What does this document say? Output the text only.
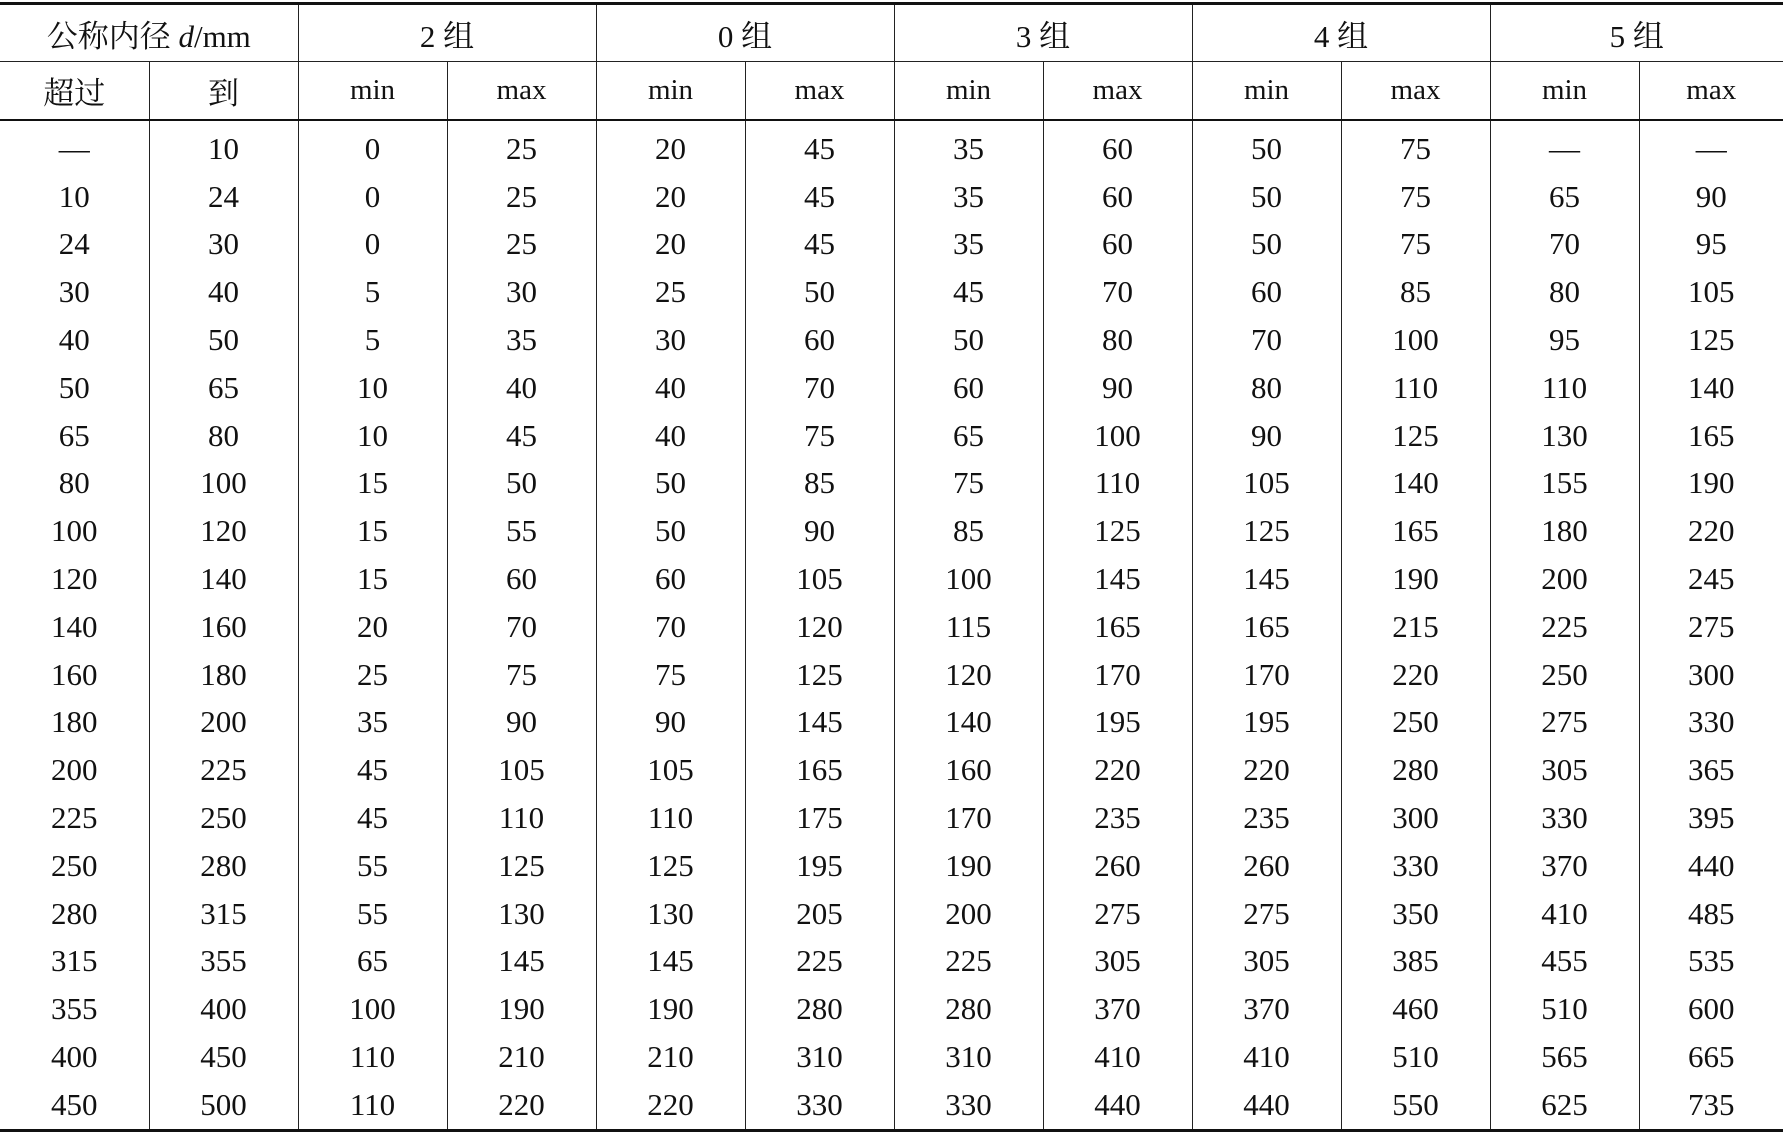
公称内径 d/mm		2 组		0 组		3 组		4 组		5 组	
超过	到	min	max	min	max	min	max	min	max	min	max
—	10	0	25	20	45	35	60	50	75	—	—
10	24	0	25	20	45	35	60	50	75	65	90
24	30	0	25	20	45	35	60	50	75	70	95
30	40	5	30	25	50	45	70	60	85	80	105
40	50	5	35	30	60	50	80	70	100	95	125
50	65	10	40	40	70	60	90	80	110	110	140
65	80	10	45	40	75	65	100	90	125	130	165
80	100	15	50	50	85	75	110	105	140	155	190
100	120	15	55	50	90	85	125	125	165	180	220
120	140	15	60	60	105	100	145	145	190	200	245
140	160	20	70	70	120	115	165	165	215	225	275
160	180	25	75	75	125	120	170	170	220	250	300
180	200	35	90	90	145	140	195	195	250	275	330
200	225	45	105	105	165	160	220	220	280	305	365
225	250	45	110	110	175	170	235	235	300	330	395
250	280	55	125	125	195	190	260	260	330	370	440
280	315	55	130	130	205	200	275	275	350	410	485
315	355	65	145	145	225	225	305	305	385	455	535
355	400	100	190	190	280	280	370	370	460	510	600
400	450	110	210	210	310	310	410	410	510	565	665
450	500	110	220	220	330	330	440	440	550	625	735
